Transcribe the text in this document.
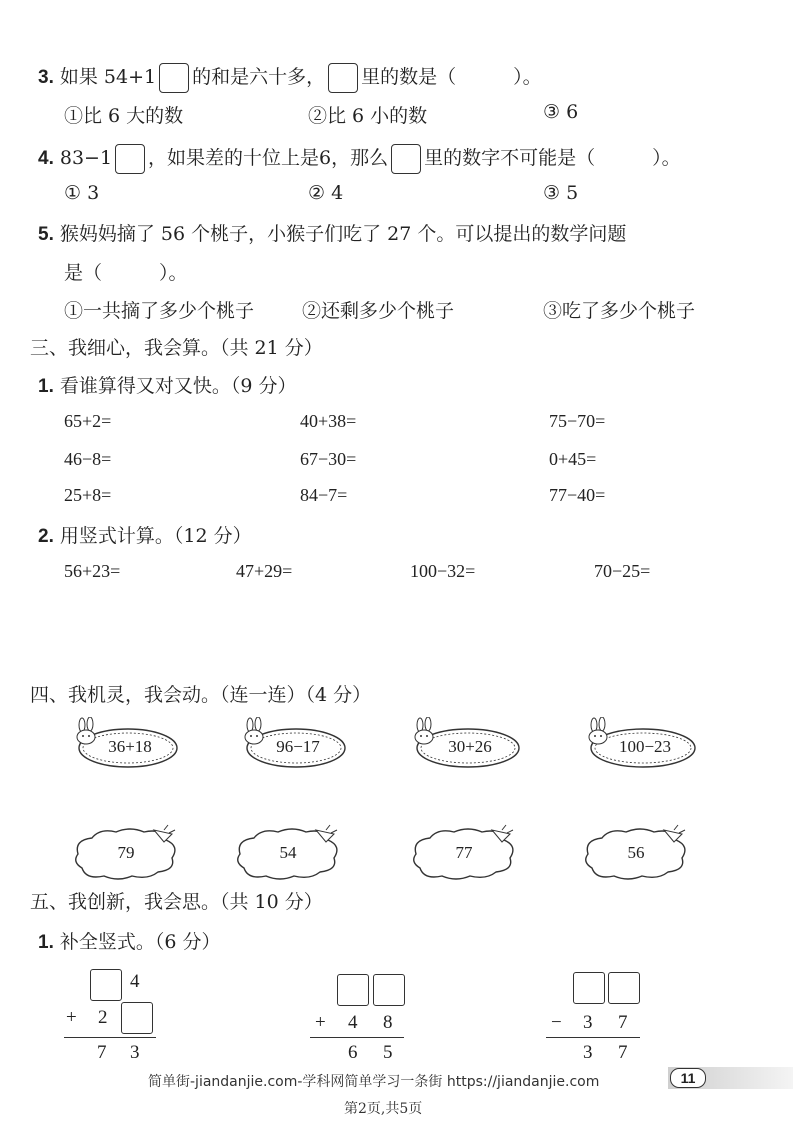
3. 如果 54+1 的和是六十多， 里的数是（　　　）。
①比 6 大的数	②比 6 小的数	③ 6
4. 83−1 ，如果差的十位上是6，那么 里的数字不可能是（　　　）。
① 3	② 4	③ 5
5. 猴妈妈摘了 56 个桃子，小猴子们吃了 27 个。可以提出的数学问题
是（　　　）。
①一共摘了多少个桃子	②还剩多少个桃子	③吃了多少个桃子
三、我细心，我会算。（共 21 分）
1. 看谁算得又对又快。（9 分）
65+2=	40+38=	75−70=
46−8=	67−30=	0+45=
25+8=	84−7=	77−40=
2. 用竖式计算。（12 分）
56+23=	47+29=	100−32=	70−25=
四、我机灵，我会动。（连一连）（4 分）
36+18	96−17	30+26	100−23
79	54	77	56
五、我创新，我会思。（共 10 分）
1. 补全竖式。（6 分）
4
+ 2
7 3
+ 4 8
6 5
− 3 7
3 7
11
简单街-jiandanjie.com-学科网简单学习一条街 https://jiandanjie.com
第2页,共5页
